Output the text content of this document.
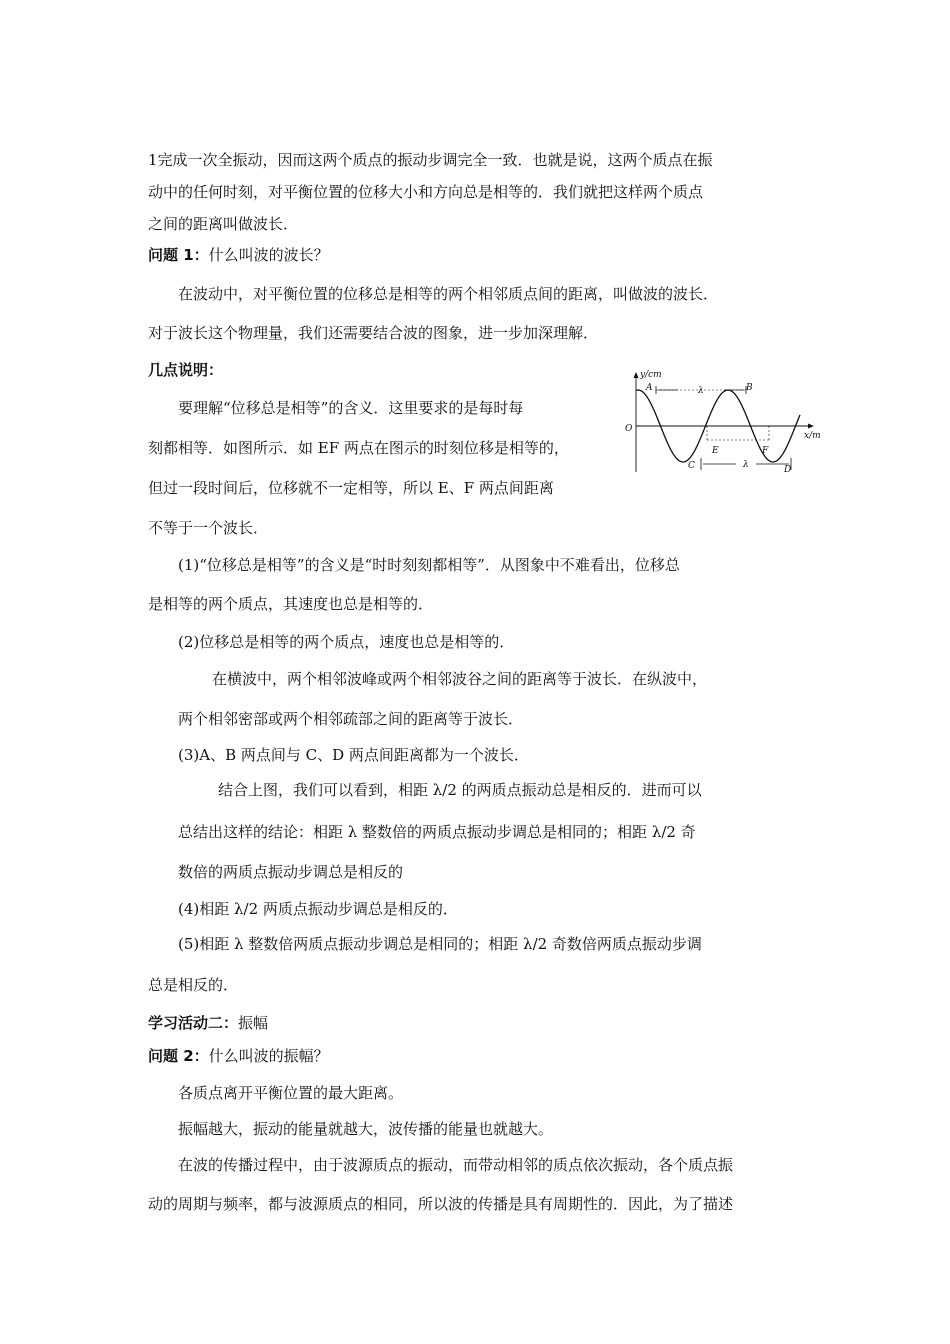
1完成一次全振动，因而这两个质点的振动步调完全一致．也就是说，这两个质点在振
动中的任何时刻，对平衡位置的位移大小和方向总是相等的．我们就把这样两个质点
之间的距离叫做波长．
问题 1：什么叫波的波长？
在波动中，对平衡位置的位移总是相等的两个相邻质点间的距离，叫做波的波长．
对于波长这个物理量，我们还需要结合波的图象，进一步加深理解．
几点说明：
要理解“位移总是相等”的含义．这里要求的是每时每
刻都相等．如图所示．如 EF 两点在图示的时刻位移是相等的，
但过一段时间后，位移就不一定相等，所以 E、F 两点间距离
不等于一个波长．
y/cm
x/m
O
λ
λ
A	B
C	D
E	F
(1)“位移总是相等”的含义是“时时刻刻都相等”．从图象中不难看出，位移总
是相等的两个质点，其速度也总是相等的．
(2)位移总是相等的两个质点，速度也总是相等的．
在横波中，两个相邻波峰或两个相邻波谷之间的距离等于波长．在纵波中，
两个相邻密部或两个相邻疏部之间的距离等于波长．
(3)A、B 两点间与 C、D 两点间距离都为一个波长．
结合上图，我们可以看到，相距 λ/2 的两质点振动总是相反的．进而可以
总结出这样的结论：相距 λ 整数倍的两质点振动步调总是相同的；相距 λ/2 奇
数倍的两质点振动步调总是相反的
(4)相距 λ/2 两质点振动步调总是相反的．
(5)相距 λ 整数倍两质点振动步调总是相同的；相距 λ/2 奇数倍两质点振动步调
总是相反的．
学习活动二：振幅
问题 2：什么叫波的振幅？
各质点离开平衡位置的最大距离。
振幅越大，振动的能量就越大，波传播的能量也就越大。
在波的传播过程中，由于波源质点的振动，而带动相邻的质点依次振动，各个质点振
动的周期与频率，都与波源质点的相同，所以波的传播是具有周期性的．因此，为了描述
